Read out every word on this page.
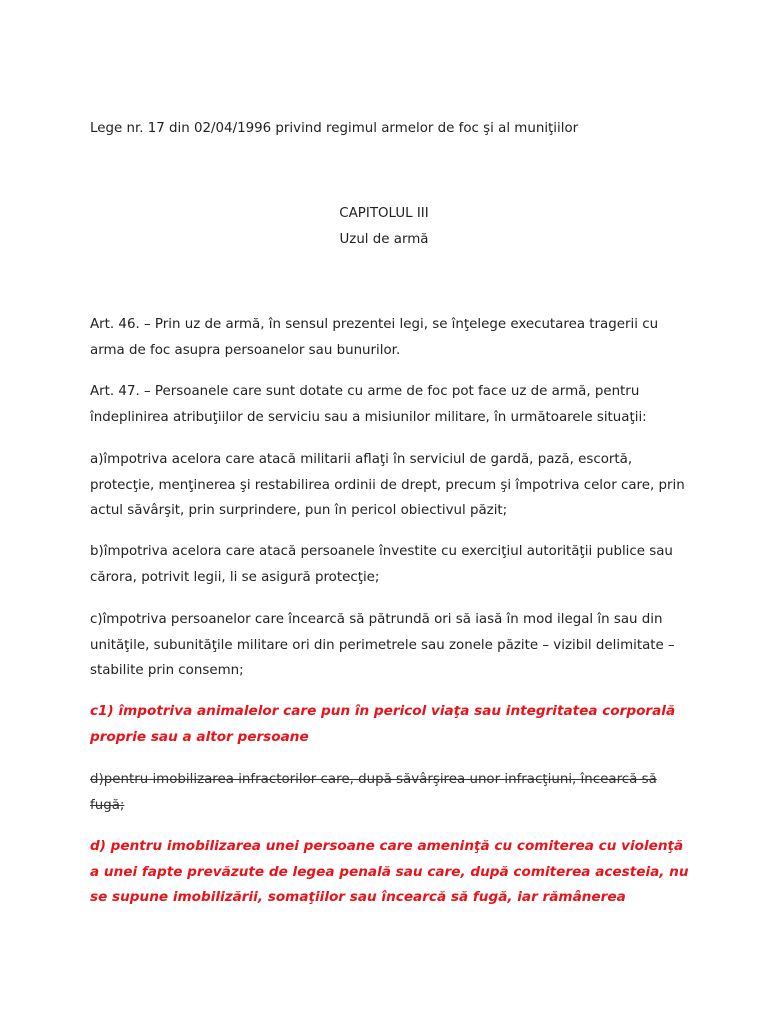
Lege nr. 17 din 02/04/1996 privind regimul armelor de foc şi al muniţiilor

CAPITOLUL III
Uzul de armă

Art. 46. – Prin uz de armă, în sensul prezentei legi, se înţelege executarea tragerii cu
arma de foc asupra persoanelor sau bunurilor.

Art. 47. – Persoanele care sunt dotate cu arme de foc pot face uz de armă, pentru
îndeplinirea atribuţiilor de serviciu sau a misiunilor militare, în următoarele situaţii:

a)împotriva acelora care atacă militarii aflaţi în serviciul de gardă, pază, escortă,
protecţie, menţinerea şi restabilirea ordinii de drept, precum şi împotriva celor care, prin
actul săvârşit, prin surprindere, pun în pericol obiectivul păzit;

b)împotriva acelora care atacă persoanele învestite cu exerciţiul autorităţii publice sau
cărora, potrivit legii, li se asigură protecţie;

c)împotriva persoanelor care încearcă să pătrundă ori să iasă în mod ilegal în sau din
unităţile, subunităţile militare ori din perimetrele sau zonele păzite – vizibil delimitate –
stabilite prin consemn;

c1) împotriva animalelor care pun în pericol viaţa sau integritatea corporală
proprie sau a altor persoane

d)pentru imobilizarea infractorilor care, după săvârşirea unor infracţiuni, încearcă să
fugă;

d) pentru imobilizarea unei persoane care ameninţă cu comiterea cu violenţă
a unei fapte prevăzute de legea penală sau care, după comiterea acesteia, nu
se supune imobilizării, somaţiilor sau încearcă să fugă, iar rămânerea
